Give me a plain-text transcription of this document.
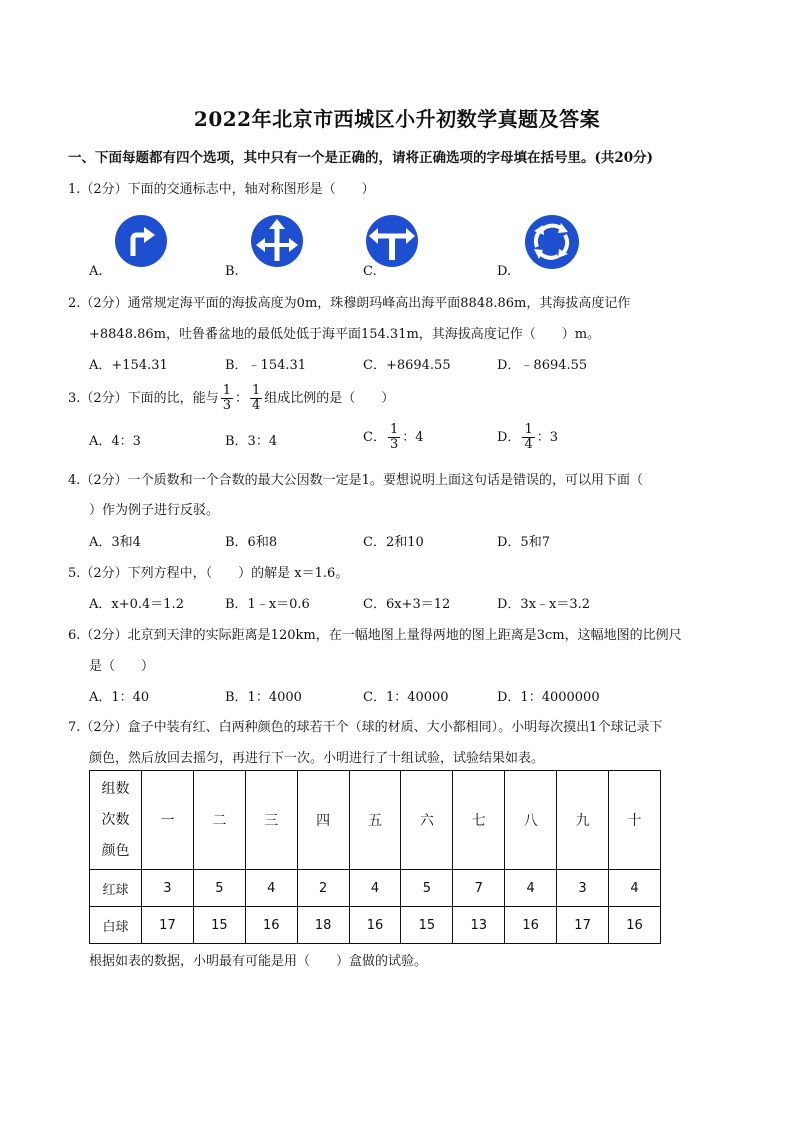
2022年北京市西城区小升初数学真题及答案
一、下面每题都有四个选项，其中只有一个是正确的，请将正确选项的字母填在括号里。(共20分)
1.（2分）下面的交通标志中，轴对称图形是（　　）
A.	B.	C.	D.
2.（2分）通常规定海平面的海拔高度为0m，珠穆朗玛峰高出海平面8848.86m，其海拔高度记作
+8848.86m，吐鲁番盆地的最低处低于海平面154.31m，其海拔高度记作（　　）m。
A．+154.31	B．﹣154.31	C．+8694.55	D．﹣8694.55
3.（2分）下面的比，能与 $\frac{1}{3}$ ： $\frac{1}{4}$ 组成比例的是（　　）
A．4：3	B．3：4	C． $\frac{1}{3}$ ：4	D． $\frac{1}{4}$ ：3
4.（2分）一个质数和一个合数的最大公因数一定是1。要想说明上面这句话是错误的，可以用下面（
）作为例子进行反驳。
A．3和4	B．6和8	C．2和10	D．5和7
5.（2分）下列方程中，（　　）的解是 x＝1.6。
A．x+0.4＝1.2	B．1﹣x＝0.6	C．6x+3＝12	D．3x﹣x＝3.2
6.（2分）北京到天津的实际距离是120km，在一幅地图上量得两地的图上距离是3cm，这幅地图的比例尺
是（　　）
A．1：40	B．1：4000	C．1：40000	D．1：4000000
7.（2分）盒子中装有红、白两种颜色的球若干个（球的材质、大小都相同）。小明每次摸出1个球记录下
颜色，然后放回去摇匀，再进行下一次。小明进行了十组试验，试验结果如表。
组数
次数
颜色	一	二	三	四	五	六	七	八	九	十
红球	3	5	4	2	4	5	7	4	3	4
白球	17	15	16	18	16	15	13	16	17	16
根据如表的数据，小明最有可能是用（　　）盒做的试验。
